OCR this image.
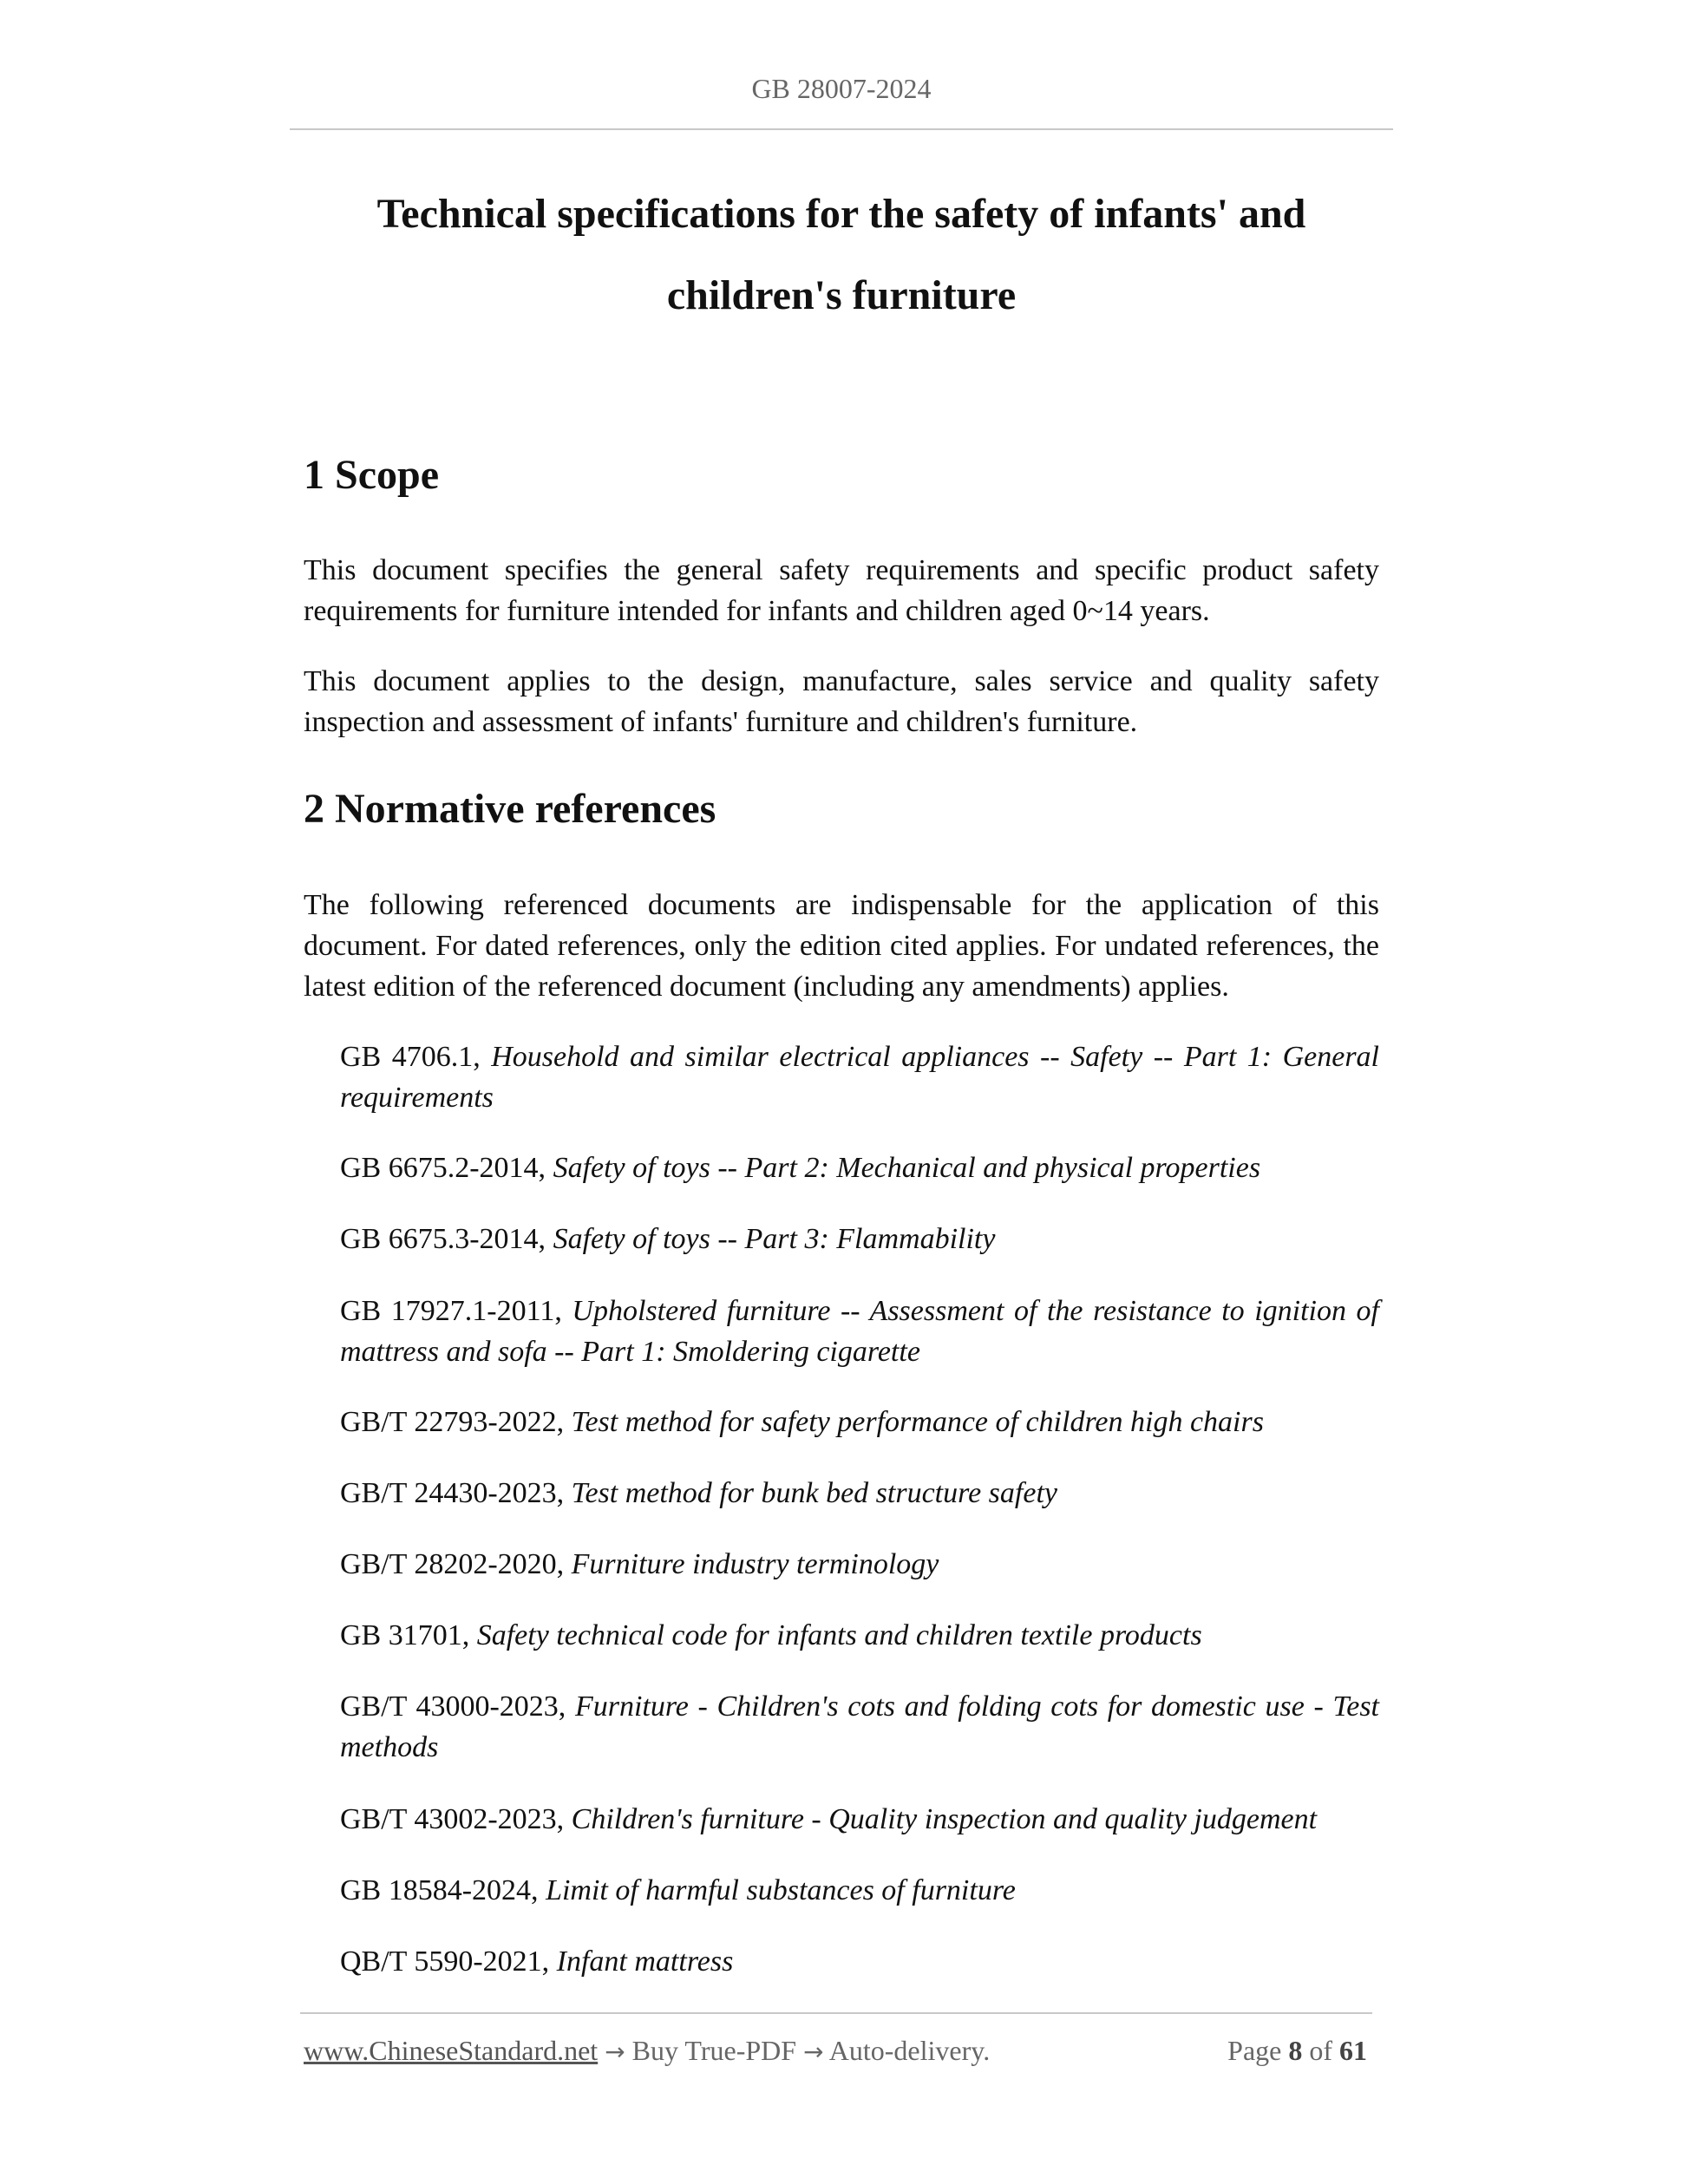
GB 28007-2024
Technical specifications for the safety of infants' and
children's furniture
1 Scope

This document specifies the general safety requirements and specific product safety requirements for furniture intended for infants and children aged 0~14 years.

This document applies to the design, manufacture, sales service and quality safety inspection and assessment of infants' furniture and children's furniture.

2 Normative references

The following referenced documents are indispensable for the application of this document. For dated references, only the edition cited applies. For undated references, the latest edition of the referenced document (including any amendments) applies.

GB 4706.1, Household and similar electrical appliances -- Safety -- Part 1: General requirements

GB 6675.2-2014, Safety of toys -- Part 2: Mechanical and physical properties

GB 6675.3-2014, Safety of toys -- Part 3: Flammability

GB 17927.1-2011, Upholstered furniture -- Assessment of the resistance to ignition of mattress and sofa -- Part 1: Smoldering cigarette

GB/T 22793-2022, Test method for safety performance of children high chairs

GB/T 24430-2023, Test method for bunk bed structure safety

GB/T 28202-2020, Furniture industry terminology

GB 31701, Safety technical code for infants and children textile products

GB/T 43000-2023, Furniture - Children's cots and folding cots for domestic use - Test methods

GB/T 43002-2023, Children's furniture - Quality inspection and quality judgement

GB 18584-2024, Limit of harmful substances of furniture

QB/T 5590-2021, Infant mattress

www.ChineseStandard.net → Buy True-PDF → Auto-delivery.	Page 8 of 61
